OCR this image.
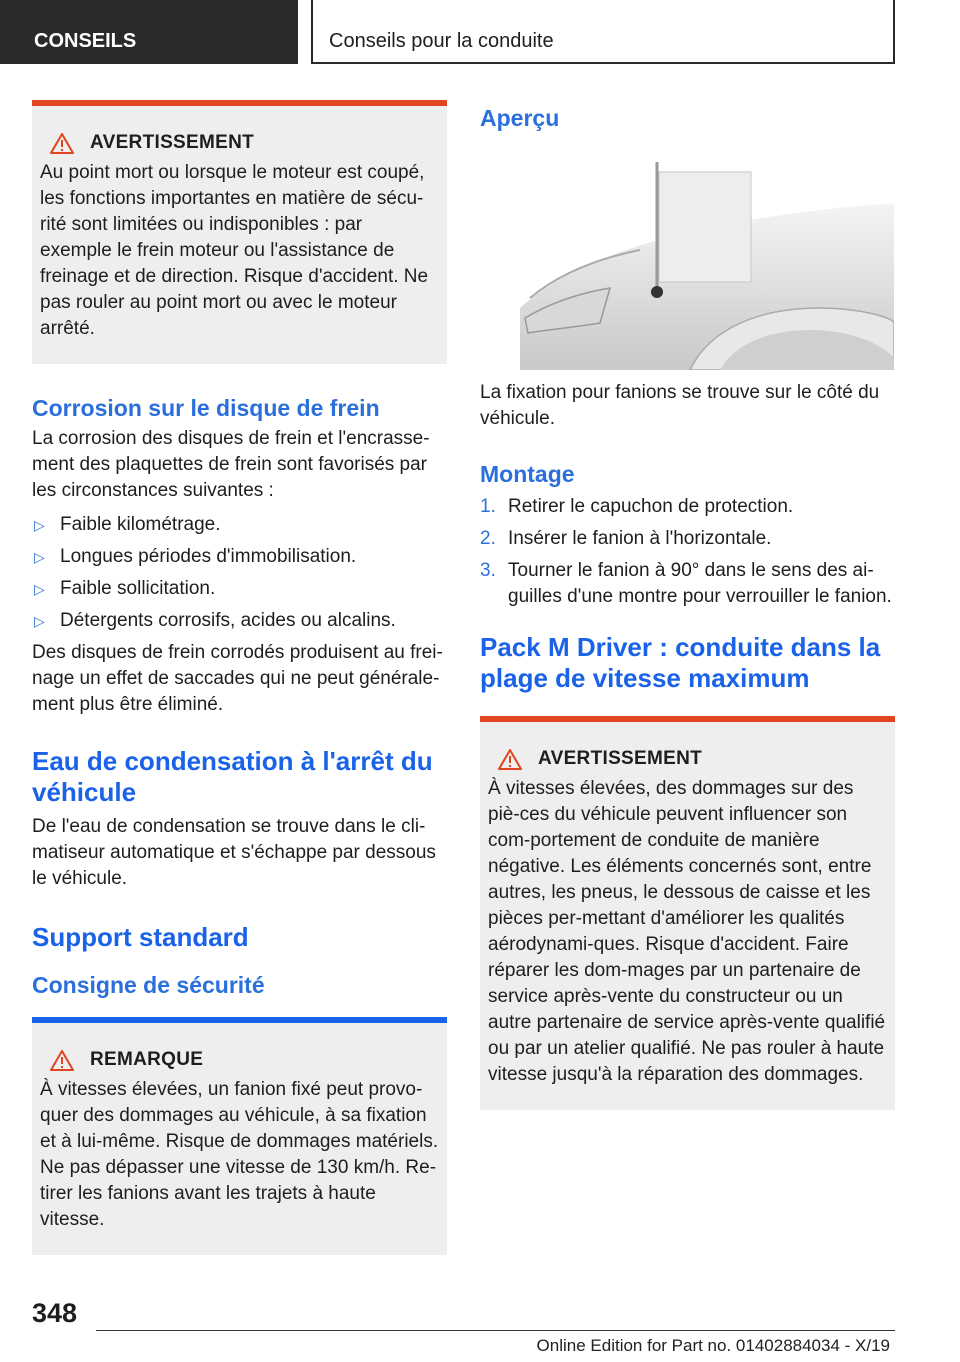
CONSEILS	Conseils pour la conduite
AVERTISSEMENT

Au point mort ou lorsque le moteur est coupé, les fonctions importantes en matière de sécu-rité sont limitées ou indisponibles : par exemple le frein moteur ou l'assistance de freinage et de direction. Risque d'accident. Ne pas rouler au point mort ou avec le moteur arrêté.

Corrosion sur le disque de frein

La corrosion des disques de frein et l'encrasse-ment des plaquettes de frein sont favorisés par les circonstances suivantes :

▷ Faible kilométrage.
▷ Longues périodes d'immobilisation.
▷ Faible sollicitation.
▷ Détergents corrosifs, acides ou alcalins.

Des disques de frein corrodés produisent au frei-nage un effet de saccades qui ne peut générale-ment plus être éliminé.

Eau de condensation à l'arrêt du véhicule

De l'eau de condensation se trouve dans le cli-matiseur automatique et s'échappe par dessous le véhicule.

Support standard
Consigne de sécurité
REMARQUE

À vitesses élevées, un fanion fixé peut provo-quer des dommages au véhicule, à sa fixation et à lui-même. Risque de dommages matériels. Ne pas dépasser une vitesse de 130 km/h. Re-tirer les fanions avant les trajets à haute vitesse.

Aperçu

La fixation pour fanions se trouve sur le côté du véhicule.

Montage
1. Retirer le capuchon de protection.
2. Insérer le fanion à l'horizontale.
3. Tourner le fanion à 90° dans le sens des ai-guilles d'une montre pour verrouiller le fanion.
Pack M Driver : conduite dans la plage de vitesse maximum
AVERTISSEMENT

À vitesses élevées, des dommages sur des piè-ces du véhicule peuvent influencer son com-portement de conduite de manière négative. Les éléments concernés sont, entre autres, les pneus, le dessous de caisse et les pièces per-mettant d'améliorer les qualités aérodynami-ques. Risque d'accident. Faire réparer les dom-mages par un partenaire de service après-vente du constructeur ou un autre partenaire de service après-vente qualifié ou par un atelier qualifié. Ne pas rouler à haute vitesse jusqu'à la réparation des dommages.

348
Online Edition for Part no. 01402884034 - X/19
